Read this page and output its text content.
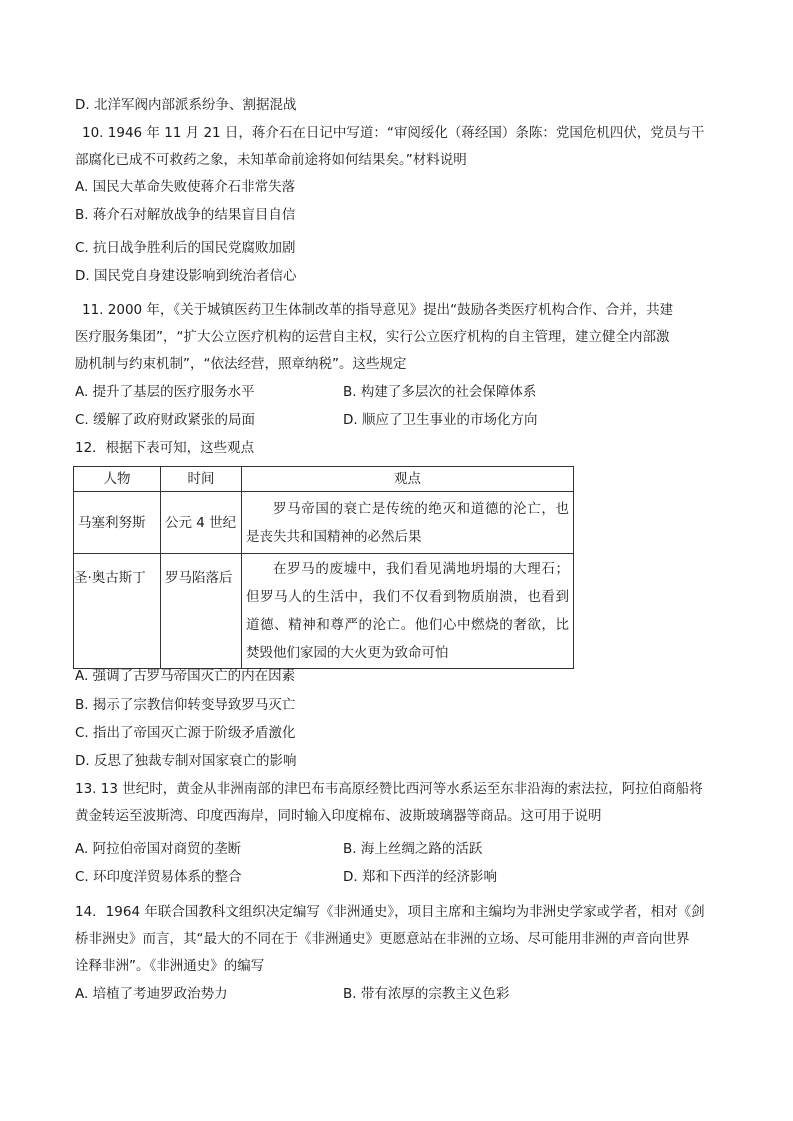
D. 北洋军阀内部派系纷争、割据混战
10. 1946 年 11 月 21 日，蒋介石在日记中写道：“审阅绥化（蒋经国）条陈：党国危机四伏，党员与干
部腐化已成不可救药之象，未知革命前途将如何结果矣。”材料说明
A. 国民大革命失败使蒋介石非常失落
B. 蒋介石对解放战争的结果盲目自信
C. 抗日战争胜利后的国民党腐败加剧
D. 国民党自身建设影响到统治者信心
11. 2000 年，《关于城镇医药卫生体制改革的指导意见》提出“鼓励各类医疗机构合作、合并，共建
医疗服务集团”，“扩大公立医疗机构的运营自主权，实行公立医疗机构的自主管理，建立健全内部激
励机制与约束机制”，“依法经营，照章纳税”。这些规定
A. 提升了基层的医疗服务水平	B. 构建了多层次的社会保障体系
C. 缓解了政府财政紧张的局面	D. 顺应了卫生事业的市场化方向
12．根据下表可知，这些观点
人物	时间	观点
马塞利努斯	公元 4 世纪	罗马帝国的衰亡是传统的绝灭和道德的沦亡，也是丧失共和国精神的必然后果
圣·奥古斯丁	罗马陷落后	在罗马的废墟中，我们看见满地坍塌的大理石；但罗马人的生活中，我们不仅看到物质崩溃，也看到道德、精神和尊严的沦亡。他们心中燃烧的奢欲，比焚毁他们家园的大火更为致命可怕
A. 强调了古罗马帝国灭亡的内在因素
B. 揭示了宗教信仰转变导致罗马灭亡
C. 指出了帝国灭亡源于阶级矛盾激化
D. 反思了独裁专制对国家衰亡的影响
13. 13 世纪时，黄金从非洲南部的津巴布韦高原经赞比西河等水系运至东非沿海的索法拉，阿拉伯商船将
黄金转运至波斯湾、印度西海岸，同时输入印度棉布、波斯玻璃器等商品。这可用于说明
A. 阿拉伯帝国对商贸的垄断	B. 海上丝绸之路的活跃
C. 环印度洋贸易体系的整合	D. 郑和下西洋的经济影响
14．1964 年联合国教科文组织决定编写《非洲通史》，项目主席和主编均为非洲史学家或学者，相对《剑
桥非洲史》而言，其“最大的不同在于《非洲通史》更愿意站在非洲的立场、尽可能用非洲的声音向世界
诠释非洲”。《非洲通史》的编写
A. 培植了考迪罗政治势力	B. 带有浓厚的宗教主义色彩
